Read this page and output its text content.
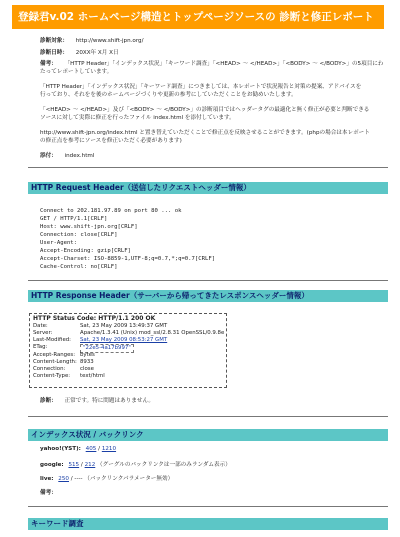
登録君v.02 ホームページ構造とトップページソースの 診断と修正レポート
診断対象： http://www.shift-jpn.org/
診断日時： 20XX年 X月 X日
備考： 「HTTP Header」「インデックス状況」「キーワード調査」「<HEAD> ～ </HEAD>」「<BODY> ～ </BODY>」の5項目にわ
たってレポートしています。
「HTTP Header」「インデックス状況」「キーワード調査」につきましては、本レポートで状況報告と対策の提案、アドバイスを
行っており、それをを後のホームページづくりや更新の参考にしていただくことをお勧めいたします。
「<HEAD> ～ </HEAD>」及び「<BODY> ～ </BODY>」の診断項目ではヘッダータグの最適化と無く修正が必要と判断できる
ソースに対して実際に修正を行ったファイル index.html を添付しています。
http://www.shift-jpn.org/index.html と置き替えていただくことで修正点を反映させることができます。(phpの場合は本レポート
の修正点を参考にソースを修正いただく必要があります)
添付： index.html
HTTP Request Header（送信したリクエストヘッダー情報）
Connect to 202.181.97.89 on port 80 ... ok
GET / HTTP/1.1[CRLF]
Host: www.shift-jpn.org[CRLF]
Connection: close[CRLF]
User-Agent:
Accept-Encoding: gzip[CRLF]
Accept-Charset: ISO-8859-1,UTF-8;q=0.7,*;q=0.7[CRLF]
Cache-Control: no[CRLF]
HTTP Response Header（サーバーから帰ってきたレスポンスヘッダー情報）
HTTP Status Code: HTTP/1.1 200 OK
Date:	Sat, 23 May 2009 13:49:37 GMT
Server:	Apache/1.3.41 (Unix) mod_ssl/2.8.31 OpenSSL/0.9.8e
Last-Modified: Sat, 23 May 2009 08:53:27 GMT
ETag:	"22e5-4a17b997"
Accept-Ranges: bytes
Content-Length: 8933
Connection:	close
Content-Type: text/html
診断： 正常です。特に問題はありません。
インデックス状況 / バックリンク
yahoo!(YST): 405 / 1210
google: 515 / 212 （グーグルのバックリンクは一部のみランダム表示）
live: 250 / ---- （バックリンクパラメーター無効）
備考：
キーワード調査
